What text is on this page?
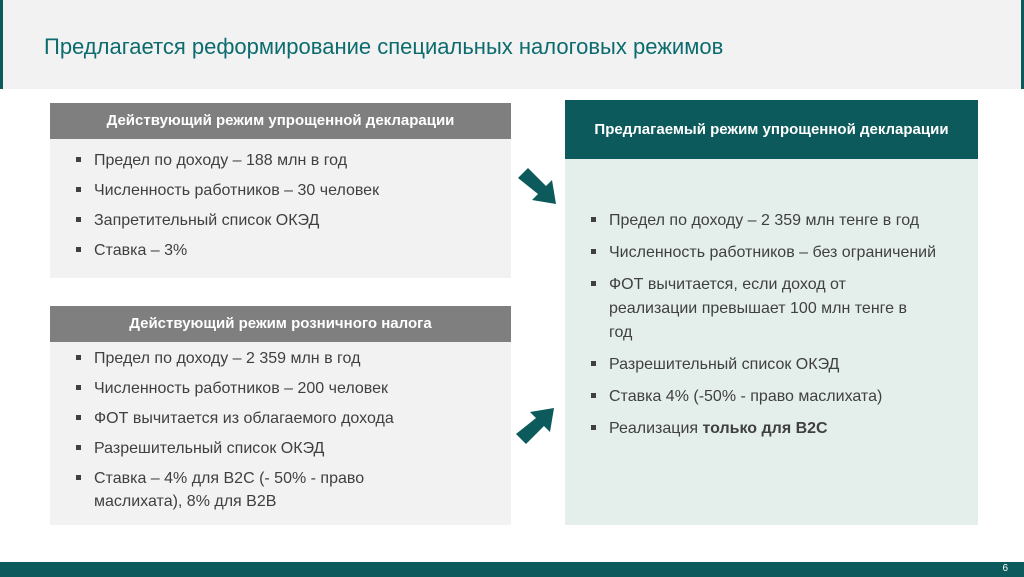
Предлагается реформирование специальных налоговых режимов
Действующий режим упрощенной декларации
Предел по доходу – 188 млн в год
Численность работников – 30 человек
Запретительный список ОКЭД
Ставка – 3%
Действующий режим розничного налога
Предел по доходу – 2 359 млн в год
Численность работников – 200 человек
ФОТ вычитается из облагаемого дохода
Разрешительный список ОКЭД
Ставка – 4% для B2C (- 50% - право маслихата), 8% для B2B
Предлагаемый режим упрощенной декларации
Предел по доходу – 2 359 млн тенге в год
Численность работников – без ограничений
ФОТ вычитается, если доход от реализации превышает 100 млн тенге в год
Разрешительный список ОКЭД
Ставка 4% (-50% - право маслихата)
Реализация только для B2C
6
